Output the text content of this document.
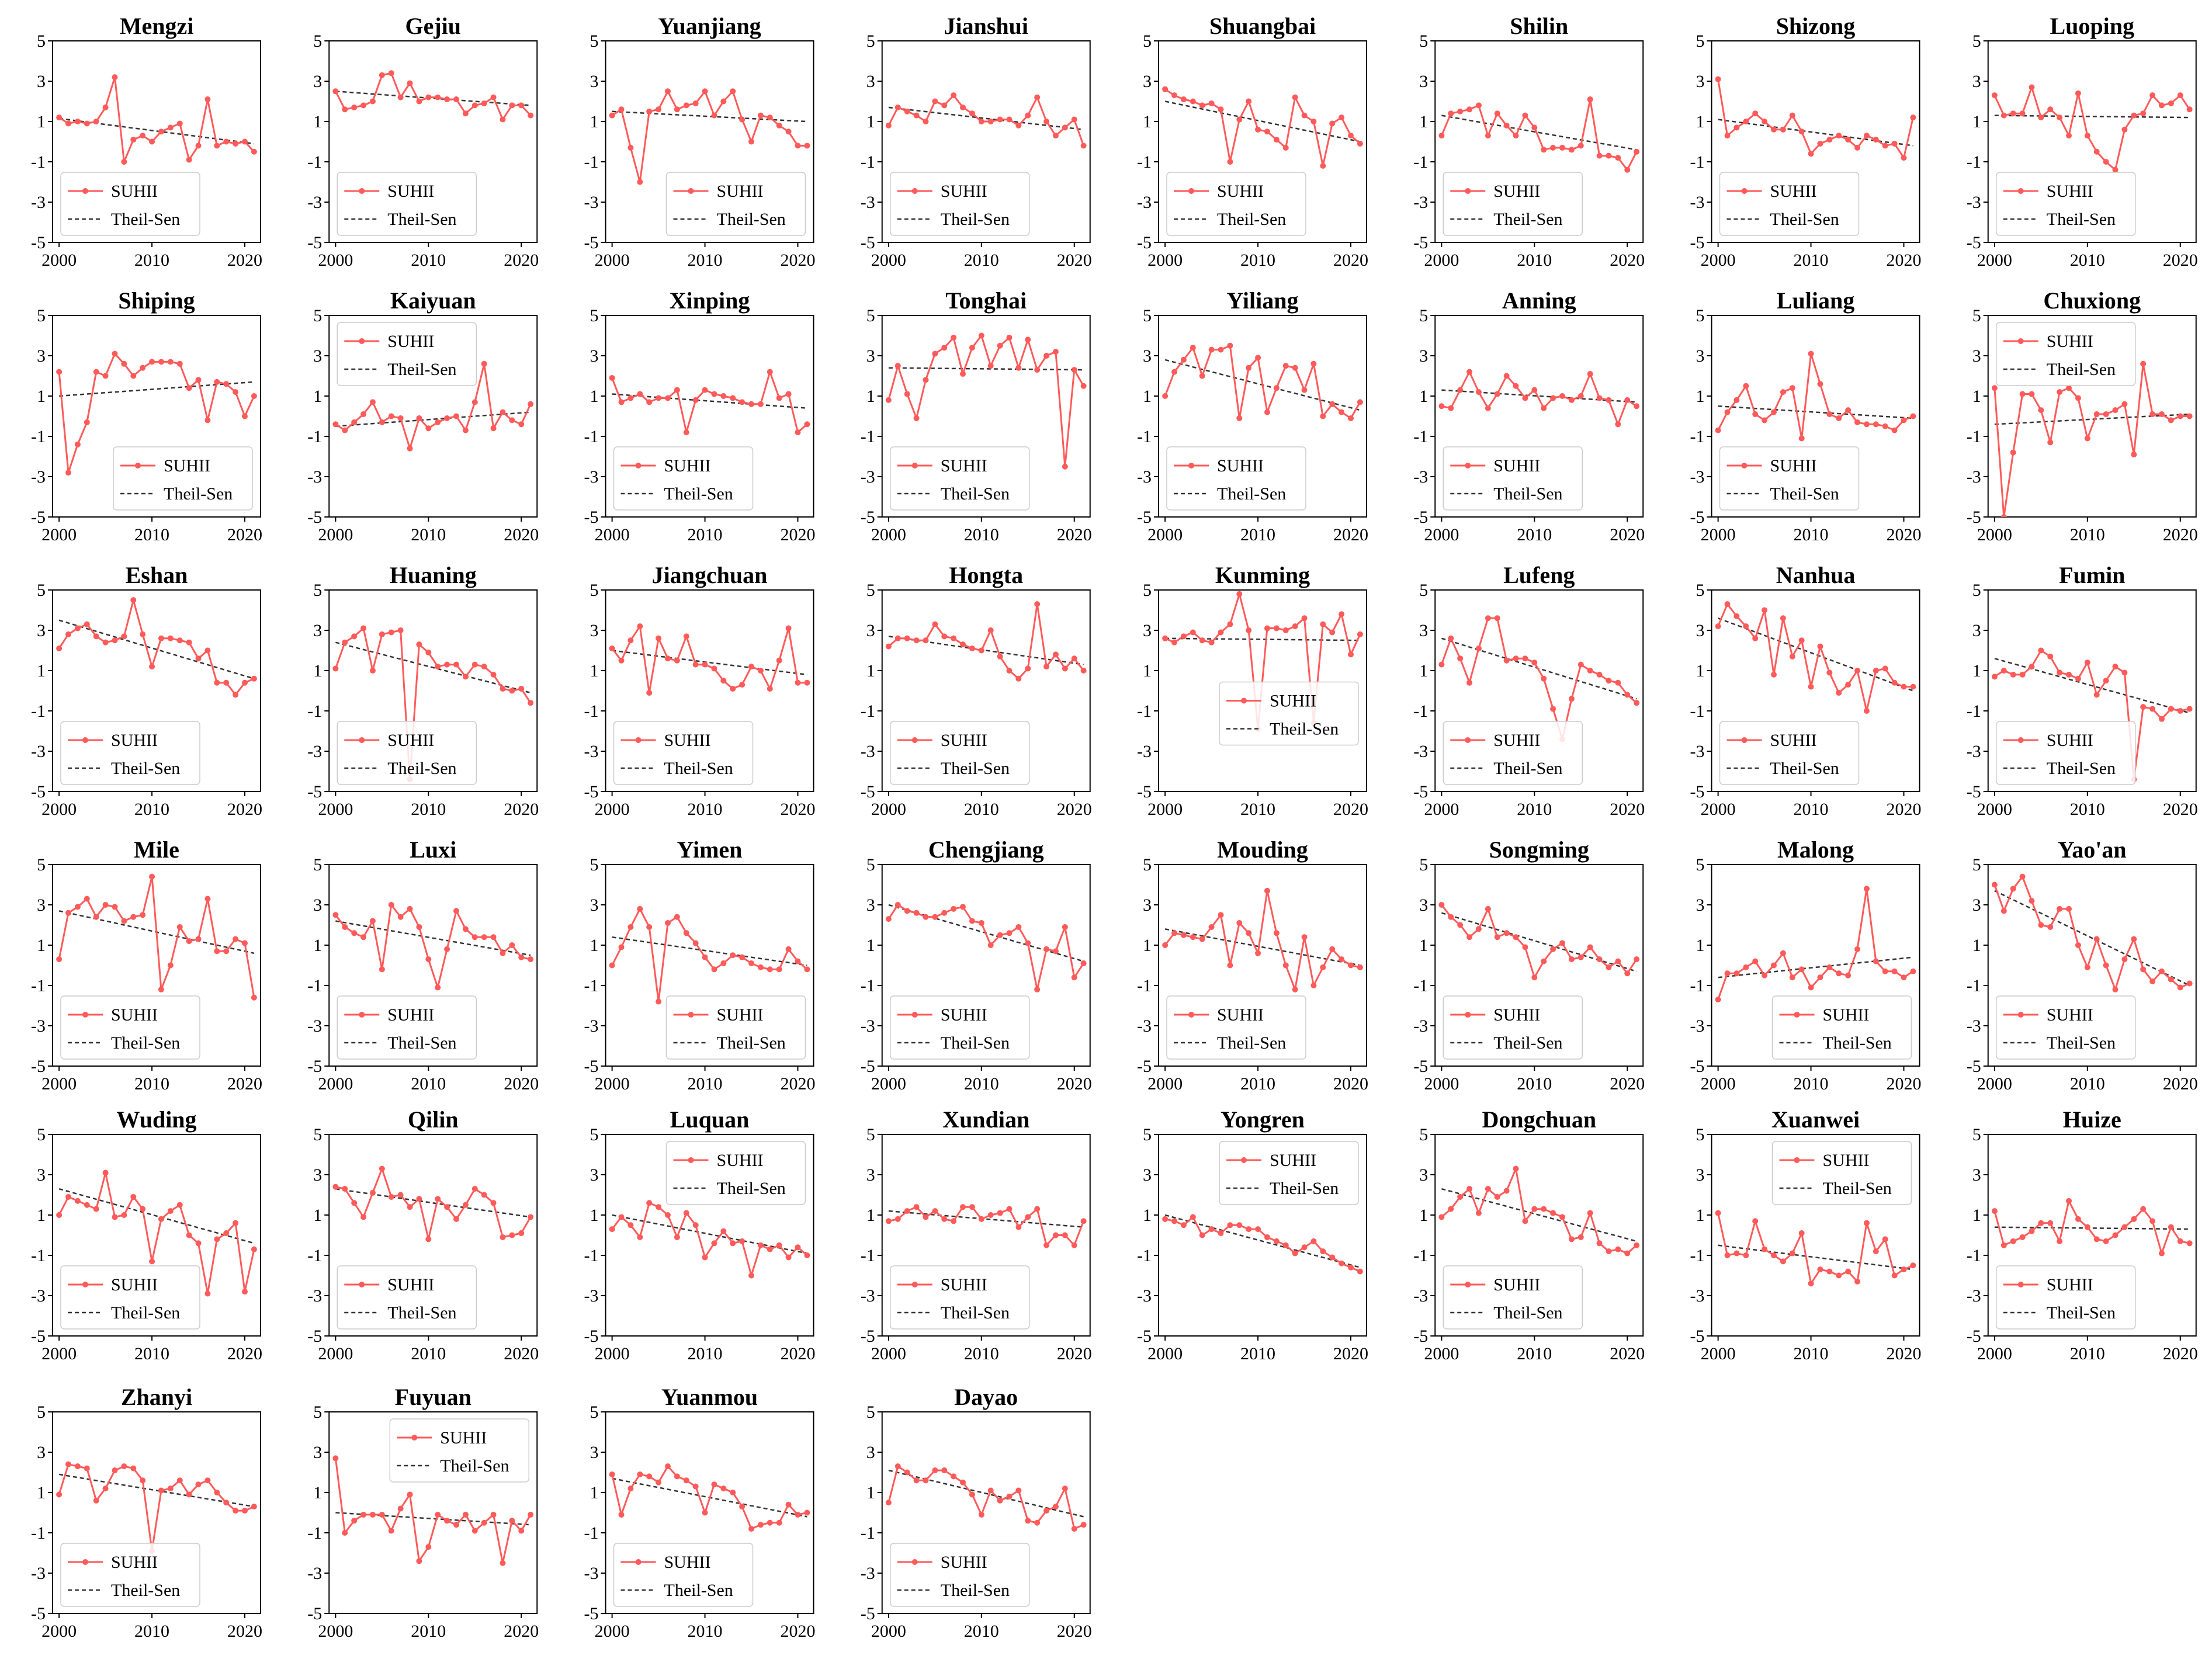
Mengzi
5
3
1
-1
-3
-5
2000	2010	2020
SUHII
Theil-Sen
Gejiu
5
3
1
-1
-3
-5
2000	2010	2020
SUHII
Theil-Sen
Yuanjiang
5
3
1
-1
-3
-5
2000	2010	2020
SUHII
Theil-Sen
Jianshui
5
3
1
-1
-3
-5
2000	2010	2020
SUHII
Theil-Sen
Shuangbai
5
3
1
-1
-3
-5
2000	2010	2020
SUHII
Theil-Sen
Shilin
5
3
1
-1
-3
-5
2000	2010	2020
SUHII
Theil-Sen
Shizong
5
3
1
-1
-3
-5
2000	2010	2020
SUHII
Theil-Sen
Luoping
5
3
1
-1
-3
-5
2000	2010	2020
SUHII
Theil-Sen
Shiping
5
3
1
-1
-3
-5
2000	2010	2020
SUHII
Theil-Sen
Kaiyuan
5
3
1
-1
-3
-5
2000	2010	2020
SUHII
Theil-Sen
Xinping
5
3
1
-1
-3
-5
2000	2010	2020
SUHII
Theil-Sen
Tonghai
5
3
1
-1
-3
-5
2000	2010	2020
SUHII
Theil-Sen
Yiliang
5
3
1
-1
-3
-5
2000	2010	2020
SUHII
Theil-Sen
Anning
5
3
1
-1
-3
-5
2000	2010	2020
SUHII
Theil-Sen
Luliang
5
3
1
-1
-3
-5
2000	2010	2020
SUHII
Theil-Sen
Chuxiong
5
3
1
-1
-3
-5
2000	2010	2020
SUHII
Theil-Sen
Eshan
5
3
1
-1
-3
-5
2000	2010	2020
SUHII
Theil-Sen
Huaning
5
3
1
-1
-3
-5
2000	2010	2020
SUHII
Theil-Sen
Jiangchuan
5
3
1
-1
-3
-5
2000	2010	2020
SUHII
Theil-Sen
Hongta
5
3
1
-1
-3
-5
2000	2010	2020
SUHII
Theil-Sen
Kunming
5
3
1
-1
-3
-5
2000	2010	2020
SUHII
Theil-Sen
Lufeng
5
3
1
-1
-3
-5
2000	2010	2020
SUHII
Theil-Sen
Nanhua
5
3
1
-1
-3
-5
2000	2010	2020
SUHII
Theil-Sen
Fumin
5
3
1
-1
-3
-5
2000	2010	2020
SUHII
Theil-Sen
Mile
5
3
1
-1
-3
-5
2000	2010	2020
SUHII
Theil-Sen
Luxi
5
3
1
-1
-3
-5
2000	2010	2020
SUHII
Theil-Sen
Yimen
5
3
1
-1
-3
-5
2000	2010	2020
SUHII
Theil-Sen
Chengjiang
5
3
1
-1
-3
-5
2000	2010	2020
SUHII
Theil-Sen
Mouding
5
3
1
-1
-3
-5
2000	2010	2020
SUHII
Theil-Sen
Songming
5
3
1
-1
-3
-5
2000	2010	2020
SUHII
Theil-Sen
Malong
5
3
1
-1
-3
-5
2000	2010	2020
SUHII
Theil-Sen
Yao'an
5
3
1
-1
-3
-5
2000	2010	2020
SUHII
Theil-Sen
Wuding
5
3
1
-1
-3
-5
2000	2010	2020
SUHII
Theil-Sen
Qilin
5
3
1
-1
-3
-5
2000	2010	2020
SUHII
Theil-Sen
Luquan
5
3
1
-1
-3
-5
2000	2010	2020
SUHII
Theil-Sen
Xundian
5
3
1
-1
-3
-5
2000	2010	2020
SUHII
Theil-Sen
Yongren
5
3
1
-1
-3
-5
2000	2010	2020
SUHII
Theil-Sen
Dongchuan
5
3
1
-1
-3
-5
2000	2010	2020
SUHII
Theil-Sen
Xuanwei
5
3
1
-1
-3
-5
2000	2010	2020
SUHII
Theil-Sen
Huize
5
3
1
-1
-3
-5
2000	2010	2020
SUHII
Theil-Sen
Zhanyi
5
3
1
-1
-3
-5
2000	2010	2020
SUHII
Theil-Sen
Fuyuan
5
3
1
-1
-3
-5
2000	2010	2020
SUHII
Theil-Sen
Yuanmou
5
3
1
-1
-3
-5
2000	2010	2020
SUHII
Theil-Sen
Dayao
5
3
1
-1
-3
-5
2000	2010	2020
SUHII
Theil-Sen
